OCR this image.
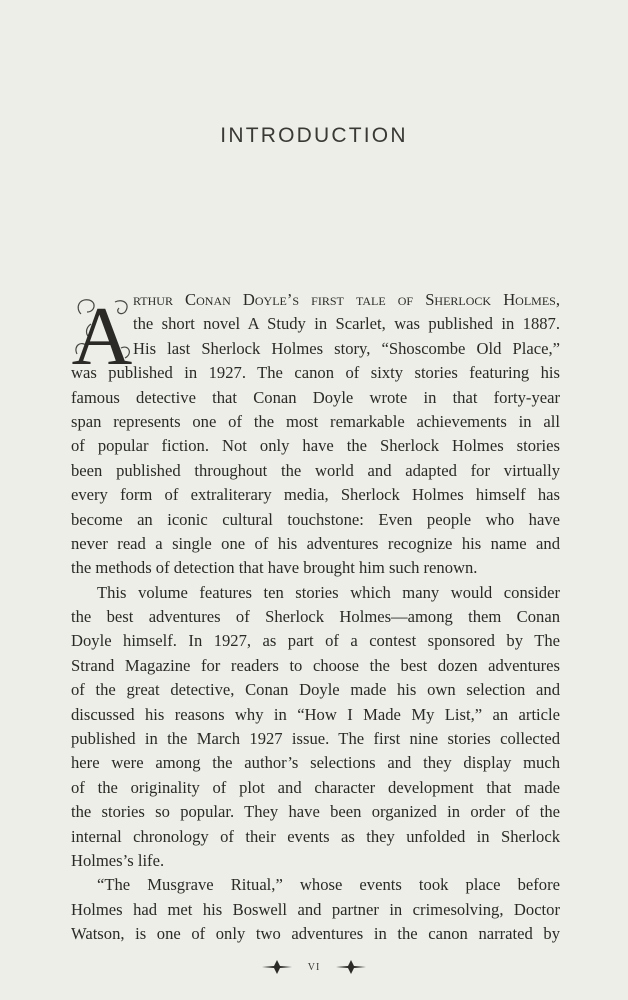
INTRODUCTION
A rthur Conan Doyle’s first tale of Sherlock Holmes,
the short novel A Study in Scarlet, was published in 1887.
His last Sherlock Holmes story, “Shoscombe Old Place,”
was published in 1927. The canon of sixty stories featuring his
famous detective that Conan Doyle wrote in that forty-year
span represents one of the most remarkable achievements in all
of popular fiction. Not only have the Sherlock Holmes stories
been published throughout the world and adapted for virtually
every form of extraliterary media, Sherlock Holmes himself has
become an iconic cultural touchstone: Even people who have
never read a single one of his adventures recognize his name and
the methods of detection that have brought him such renown.
This volume features ten stories which many would consider
the best adventures of Sherlock Holmes—among them Conan
Doyle himself. In 1927, as part of a contest sponsored by The
Strand Magazine for readers to choose the best dozen adventures
of the great detective, Conan Doyle made his own selection and
discussed his reasons why in “How I Made My List,” an article
published in the March 1927 issue. The first nine stories collected
here were among the author’s selections and they display much
of the originality of plot and character development that made
the stories so popular. They have been organized in order of the
internal chronology of their events as they unfolded in Sherlock
Holmes’s life.
“The Musgrave Ritual,” whose events took place before
Holmes had met his Boswell and partner in crimesolving, Doctor
Watson, is one of only two adventures in the canon narrated by
VI
